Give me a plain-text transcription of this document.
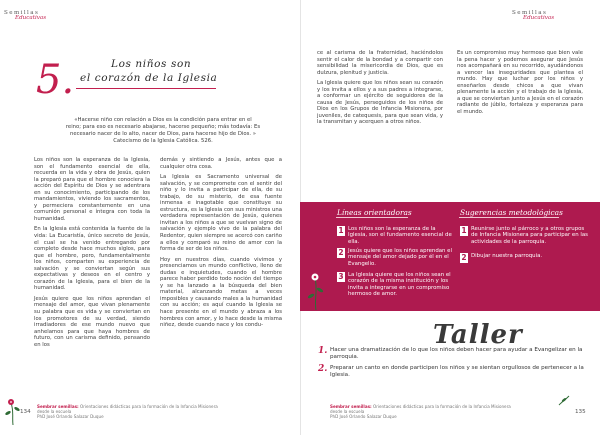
Semillas
Educativas
5.	Los niños son
el corazón de la Iglesia
«Hacerse niño con relación a Dios es la condición para entrar en el
reino; para eso es necesario abajarse, hacerse pequeño; más todavía: Es
necesario nacer de lo alto, nacer de Dios, para hacerse hijo de Dios. »
Catecismo de la Iglesia Católica. 526.

Los niños son la esperanza de la Iglesia, son el fundamento esencial de ella, recuerda en la vida y obra de Jesús, quien la preparó para que el hombre conociera la acción del Espíritu de Dios y se adentrara en su conocimiento, participando de los mandamientos, viviendo los sacramentos, y permeciera constantemente en una comunión personal e íntegra con toda la humanidad.

En la Iglesia está contenida la fuente de la vida: La Eucaristía, único secreto de Jesús, el cual se ha venido entregando por completo desde hace muchos siglos, para que el hombre, pero, fundamentalmente los niños, comparten su experiencia de salvación y se conviertan según sus expectativas y deseos en el centro y corazón de la Iglesia, para el bien de la humanidad.

Jesús quiere que los niños aprendan el mensaje del amor, que vivan plenamente su palabra que es vida y se conviertan en los promotores de su verdad, siendo irradiadores de ese mundo nuevo que anhelamos para que haya hombres de futuro, con un carisma definido, pensando en los

demás y sintiendo a Jesús, antes que a cualquier otra cosa.

La Iglesia es Sacramento universal de salvación, y se compromete con el sentir del niño y lo invita a participar de ella, de su trabajo, de su misterio, de esa fuente inmensa e inagotable que constituye su estructura, es la Iglesia con sus ministros una verdadera representación de Jesús, quienes invitan a los niños a que se vuelvan signo de salvación y ejemplo vivo de la palabra del Redentor, quien siempre se acercó con cariño a ellos y comparó su reino de amor con la forma de ser de los niños.

Hoy en nuestros días, cuando vivimos y presenciamos un mundo conflictivo, lleno de dudas e inquietudes, cuando el hombre parece haber perdido todo noción del tiempo y se ha lanzado a la búsqueda del bien material, alcanzando metas a veces imposibles y causando males a la humanidad con su acción; es aquí cuando la Iglesia se hace presente en el mundo y abraza a los hombres con amor, y lo hace desde la misma niñez, desde cuando nace y los condu-

134
Sembrar semillas: Orientaciones didácticas para la formación de la Infancia Misionera
desde la escuela
PhD José Orlando Salazar Duque
Semillas
Educativas

ce al carisma de la fraternidad, haciéndolos sentir el calor de la bondad y a compartir con sensibilidad la misericordia de Dios, que es dulzura, plenitud y justicia.

La Iglesia quiere que los niños sean su corazón y los invita a ellos y a sus padres a integrarse, a conformar un ejército de seguidores de la causa de Jesús, perseguidos de los niños de Dios en los Grupos de Infancia Misionera, por juveniles, de catequesis, para que sean vida, y la transmitan y acerquen a otros niños.

Es un compromiso muy hermoso que bien vale la pena hacer y podemos asegurar que Jesús nos acompañará en su recorrido, ayudándonos a vencer las inseguridades que plantea el mundo. Hay que luchar por los niños y enseñarlos desde chicos a que vivan plenamente la acción y el trabajo de la Iglesia, a que se conviertan junto a Jesús en el corazón radiante de júbilo, fortaleza y esperanza para el mundo.

Líneas orientadoras	Sugerencias metodológicas
1 Los niños son la esperanza de la Iglesia, son el fundamento esencial de ella.
2 Jesús quiere que los niños aprendan el mensaje del amor dejado por él en el Evangelio.
3 La Iglesia quiere que los niños sean el corazón de la misma institución y los invita a integrarse en un compromiso hermoso de amor.
1 Reunirse junto al párroco y a otros grupos de Infancia Misionera para participar en las actividades de la parroquia.
2 Dibujar nuestra parroquia.
Taller
1. Hacer una dramatización de lo que los niños deben hacer para ayudar a Evangelizar en la parroquia.
2. Preparar un canto en donde participen los niños y se sientan orgullosos de pertenecer a la Iglesia.
Sembrar semillas: Orientaciones didácticas para la formación de la Infancia Misionera
desde la escuela
PhD José Orlando Salazar Duque
135
